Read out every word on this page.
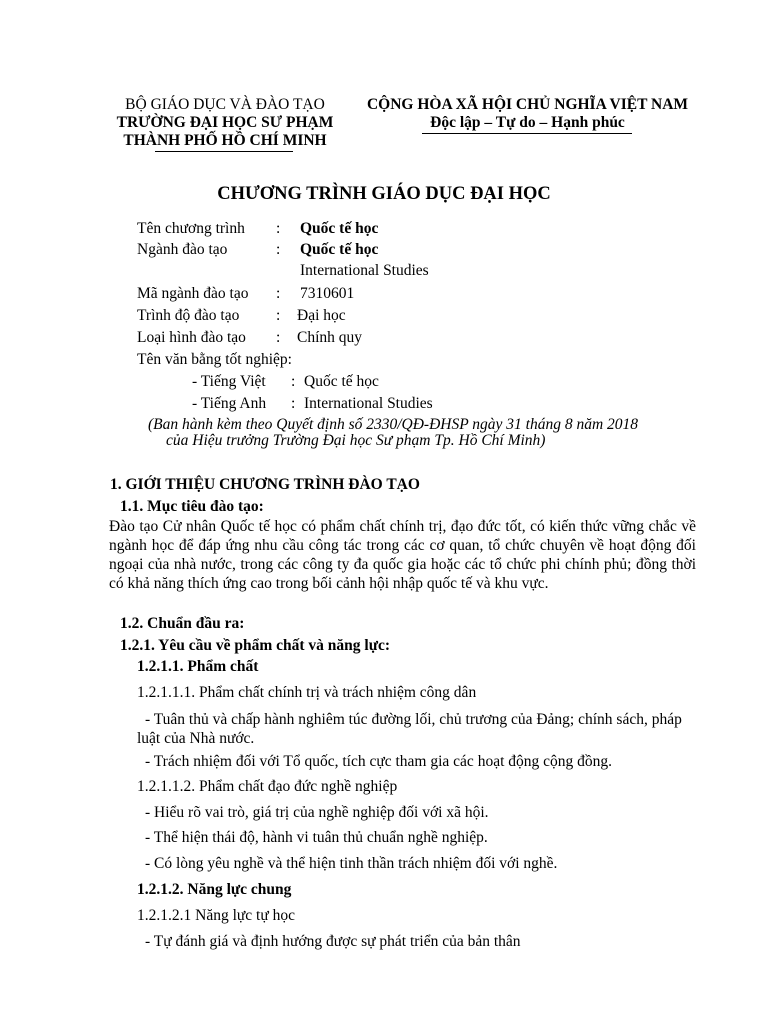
BỘ GIÁO DỤC VÀ ĐÀO TẠO
TRƯỜNG ĐẠI HỌC SƯ PHẠM
THÀNH PHỐ HỒ CHÍ MINH
CỘNG HÒA XÃ HỘI CHỦ NGHĨA VIỆT NAM
Độc lập – Tự do – Hạnh phúc
CHƯƠNG TRÌNH GIÁO DỤC ĐẠI HỌC
Tên chương trình : Quốc tế học
Ngành đào tạo	: Quốc tế học
International Studies
Mã ngành đào tạo : 7310601
Trình độ đào tạo : Đại học
Loại hình đào tạo : Chính quy
Tên văn bằng tốt nghiệp:
- Tiếng Việt : Quốc tế học
- Tiếng Anh : International Studies
(Ban hành kèm theo Quyết định số 2330/QĐ-ĐHSP ngày 31 tháng 8 năm 2018
của Hiệu trưởng Trường Đại học Sư phạm Tp. Hồ Chí Minh)
1. GIỚI THIỆU CHƯƠNG TRÌNH ĐÀO TẠO
1.1. Mục tiêu đào tạo:
Đào tạo Cử nhân Quốc tế học có phẩm chất chính trị, đạo đức tốt, có kiến thức vững chắc về ngành học để đáp ứng nhu cầu công tác trong các cơ quan, tổ chức chuyên về hoạt động đối ngoại của nhà nước, trong các công ty đa quốc gia hoặc các tổ chức phi chính phủ; đồng thời có khả năng thích ứng cao trong bối cảnh hội nhập quốc tế và khu vực.
1.2. Chuẩn đầu ra:
1.2.1. Yêu cầu về phẩm chất và năng lực:
1.2.1.1. Phẩm chất
1.2.1.1.1. Phẩm chất chính trị và trách nhiệm công dân
- Tuân thủ và chấp hành nghiêm túc đường lối, chủ trương của Đảng; chính sách, pháp luật của Nhà nước.
- Trách nhiệm đối với Tổ quốc, tích cực tham gia các hoạt động cộng đồng.
1.2.1.1.2. Phẩm chất đạo đức nghề nghiệp
- Hiểu rõ vai trò, giá trị của nghề nghiệp đối với xã hội.
- Thể hiện thái độ, hành vi tuân thủ chuẩn nghề nghiệp.
- Có lòng yêu nghề và thể hiện tinh thần trách nhiệm đối với nghề.
1.2.1.2. Năng lực chung
1.2.1.2.1 Năng lực tự học
- Tự đánh giá và định hướng được sự phát triển của bản thân
